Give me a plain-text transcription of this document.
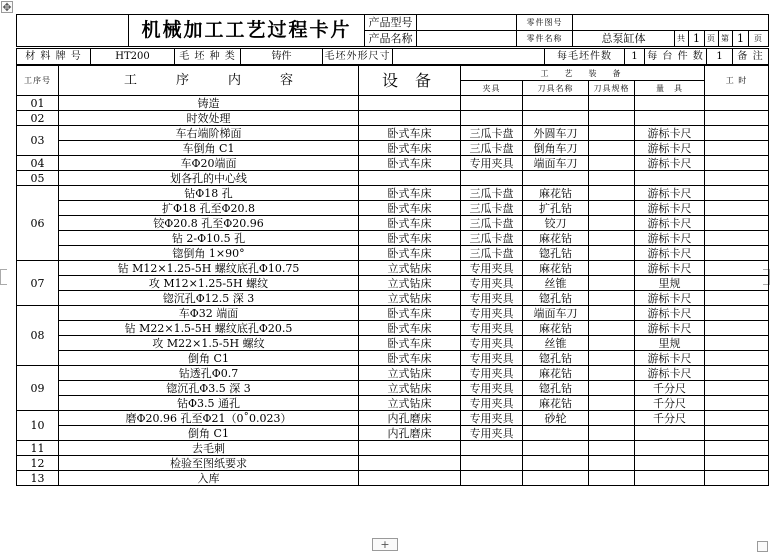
✥
	机械加工工艺过程卡片	产品型号		零件图号							
		产品名称		零件名称	总泵缸体	共	1	页	第	1	页
材 料 牌 号	HT200	毛 坯 种 类	铸件	毛坯外形尺寸		每毛坯件数	1	每 台 件 数	1	备 注
工序号	工　　　序　　　内　　　容	设 备	工　艺　装　备				工 时
			夹具	刀具名称	刀具规格	量　具	
01	铸造						
02	时效处理						
03	车右端阶梯面	卧式车床	三瓜卡盘	外圆车刀		游标卡尺	
	车倒角 C1	卧式车床	三瓜卡盘	倒角车刀		游标卡尺	
04	车Φ20端面	卧式车床	专用夹具	端面车刀		游标卡尺	
05	划各孔的中心线						
06	钻Φ18 孔	卧式车床	三瓜卡盘	麻花钻		游标卡尺	
	扩Φ18 孔至Φ20.8	卧式车床	三瓜卡盘	扩孔钻		游标卡尺	
	铰Φ20.8 孔至Φ20.96	卧式车床	三瓜卡盘	铰刀		游标卡尺	
	钻 2-Φ10.5 孔	卧式车床	三瓜卡盘	麻花钻		游标卡尺	
	锪倒角 1×90°	卧式车床	三瓜卡盘	锪孔钻		游标卡尺	
07	钻 M12×1.25-5H 螺纹底孔Φ10.75	立式钻床	专用夹具	麻花钻		游标卡尺	
	攻 M12×1.25-5H 螺纹	立式钻床	专用夹具	丝锥		里规	
	锪沉孔Φ12.5 深 3	立式钻床	专用夹具	锪孔钻		游标卡尺	
08	车Φ32 端面	卧式车床	专用夹具	端面车刀		游标卡尺	
	钻 M22×1.5-5H 螺纹底孔Φ20.5	卧式车床	专用夹具	麻花钻		游标卡尺	
	攻 M22×1.5-5H 螺纹	卧式车床	专用夹具	丝锥		里规	
	倒角 C1	卧式车床	专用夹具	锪孔钻		游标卡尺	
09	钻透孔Φ0.7	立式钻床	专用夹具	麻花钻		游标卡尺	
	锪沉孔Φ3.5 深 3	立式钻床	专用夹具	锪孔钻		千分尺	
	钻Φ3.5 通孔	立式钻床	专用夹具	麻花钻		千分尺	
10	磨Φ20.96 孔至Φ21（0˚0.023）	内孔磨床	专用夹具	砂轮		千分尺	
	倒角 C1	内孔磨床	专用夹具				
11	去毛刺						
12	检验至图纸要求						
13	入库						
+
